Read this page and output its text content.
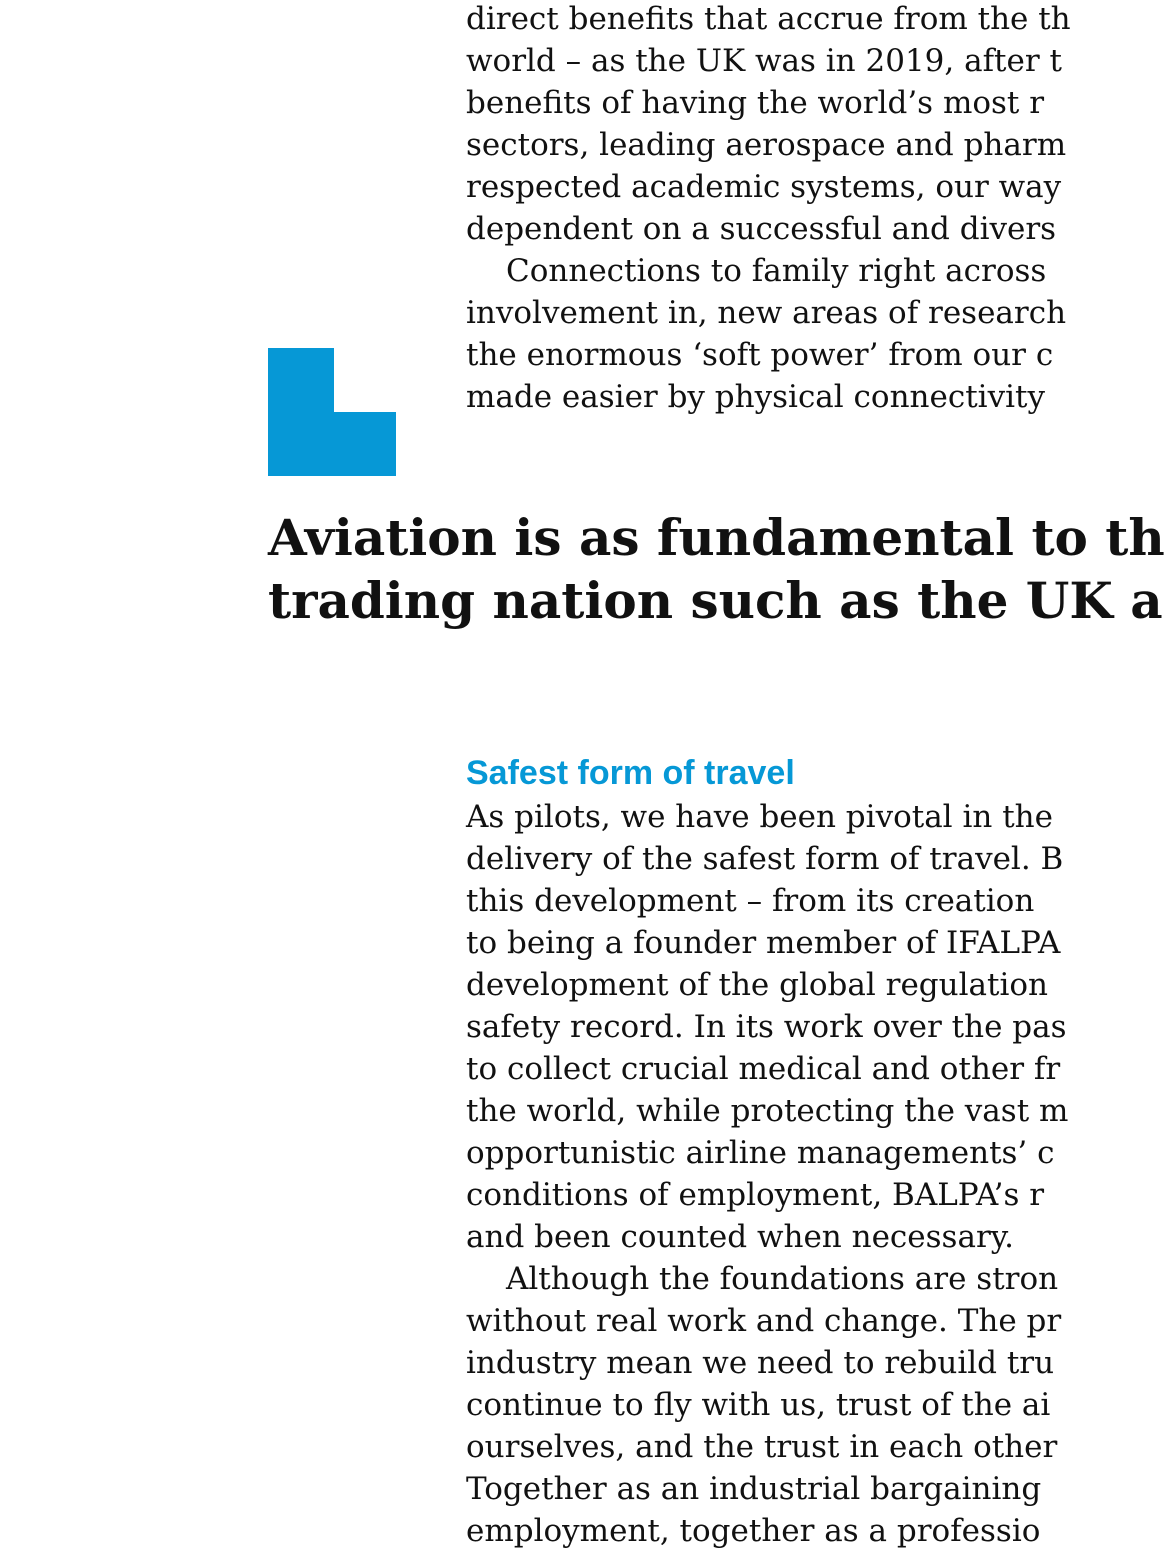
direct benefits that accrue from the th
world – as the UK was in 2019, after t
benefits of having the world’s most r
sectors, leading aerospace and pharm
respected academic systems, our way
dependent on a successful and divers
Connections to family right across
involvement in, new areas of research
the enormous ‘soft power’ from our c
made easier by physical connectivity
Aviation is as fundamental to th
trading nation such as the UK a
Safest form of travel
As pilots, we have been pivotal in the
delivery of the safest form of travel. B
this development – from its creation
to being a founder member of IFALPA
development of the global regulation
safety record. In its work over the pas
to collect crucial medical and other fr
the world, while protecting the vast m
opportunistic airline managements’ c
conditions of employment, BALPA’s r
and been counted when necessary.
Although the foundations are stron
without real work and change. The pr
industry mean we need to rebuild tru
continue to fly with us, trust of the ai
ourselves, and the trust in each other
Together as an industrial bargaining
employment, together as a professio
